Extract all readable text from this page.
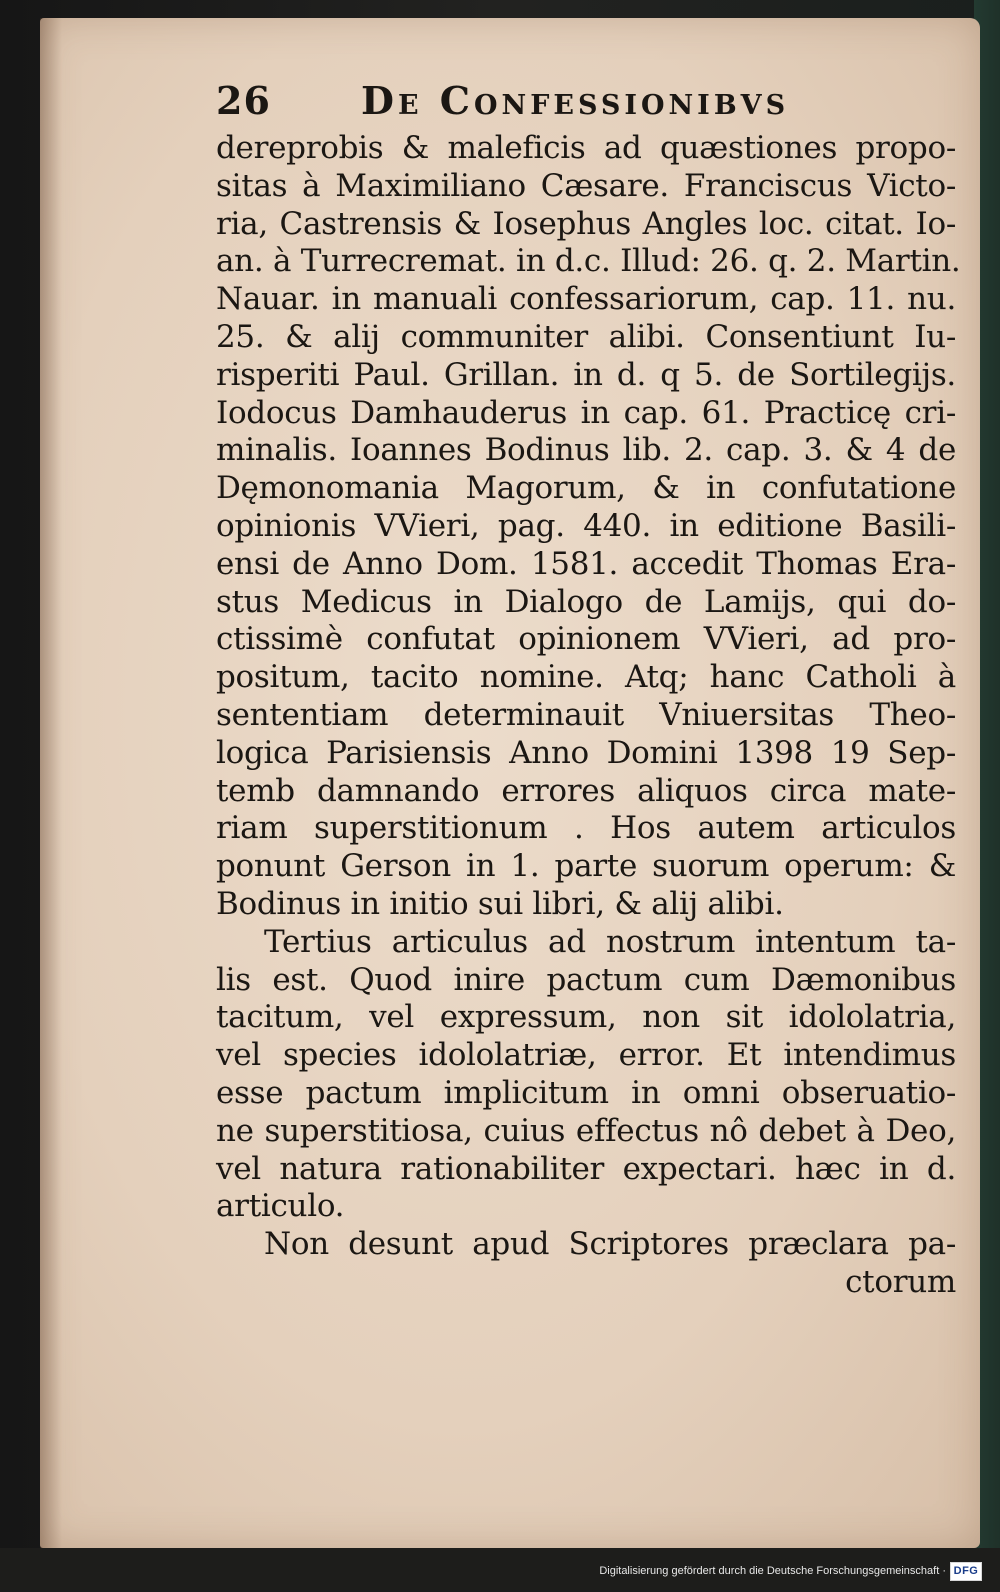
26 De Confessionibvs
dereprobis & maleficis ad quæstiones propo-
sitas à Maximiliano Cæsare. Franciscus Victo-
ria, Castrensis & Iosephus Angles loc. citat. Io-
an. à Turrecremat. in d.c. Illud: 26. q. 2. Martin.
Nauar. in manuali confessariorum, cap. 11. nu.
25. & alij communiter alibi. Consentiunt Iu-
risperiti Paul. Grillan. in d. q 5. de Sortilegijs.
Iodocus Damhauderus in cap. 61. Practicę cri-
minalis. Ioannes Bodinus lib. 2. cap. 3. & 4 de
Dęmonomania Magorum, & in confutatione
opinionis VVieri, pag. 440. in editione Basili-
ensi de Anno Dom. 1581. accedit Thomas Era-
stus Medicus in Dialogo de Lamijs, qui do-
ctissimè confutat opinionem VVieri, ad pro-
positum, tacito nomine. Atq; hanc Catholi à
sententiam determinauit Vniuersitas Theo-
logica Parisiensis Anno Domini 1398 19 Sep-
temb damnando errores aliquos circa mate-
riam superstitionum . Hos autem articulos
ponunt Gerson in 1. parte suorum operum: &
Bodinus in initio sui libri, & alij alibi.
Tertius articulus ad nostrum intentum ta-
lis est. Quod inire pactum cum Dæmonibus
tacitum, vel expressum, non sit idololatria,
vel species idololatriæ, error. Et intendimus
esse pactum implicitum in omni obseruatio-
ne superstitiosa, cuius effectus nô debet à Deo,
vel natura rationabiliter expectari. hæc in d.
articulo.
Non desunt apud Scriptores præclara pa-
ctorum
Digitalisierung gefördert durch die Deutsche Forschungsgemeinschaft · DFG
